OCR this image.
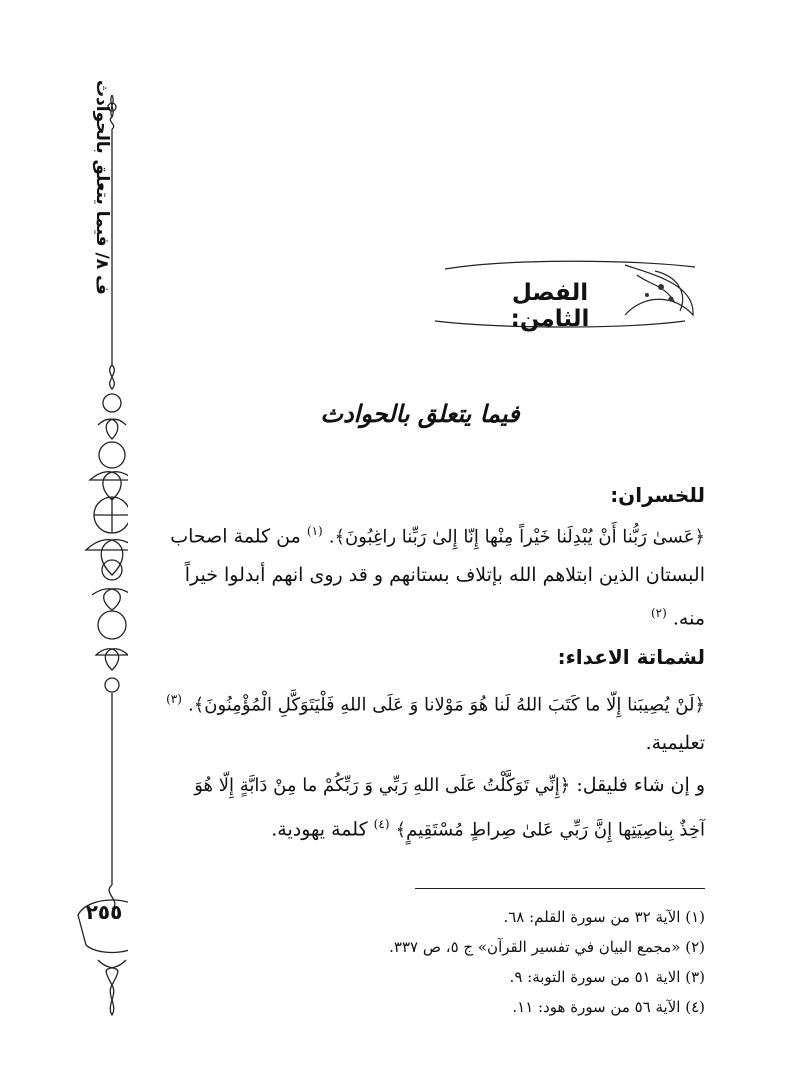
ف ٨/ فيما يتعلق بالحوادث
٢٥٥
الفصل الثامن:
فيما يتعلق بالحوادث
للخسران:
﴿عَسىٰ رَبُّنا أَنْ يُبْدِلَنا خَيْراً مِنْها إِنّا إِلىٰ رَبِّنا راغِبُونَ﴾. $^{(١)}$ من كلمة اصحاب البستان الذين ابتلاهم الله بإتلاف بستانهم و قد روى انهم أبدلوا خيراً منه. $^{(٢)}$
لشماتة الاعداء:
﴿لَنْ يُصِيبَنا إِلّا ما كَتَبَ اللهُ لَنا هُوَ مَوْلانا وَ عَلَى اللهِ فَلْيَتَوَكَّلِ الْمُؤْمِنُونَ﴾. $^{(٣)}$ تعليمية.
و إن شاء فليقل: ﴿إِنِّي تَوَكَّلْتُ عَلَى اللهِ رَبِّي وَ رَبِّكُمْ ما مِنْ دَابَّةٍ إِلّا هُوَ آخِذٌ بِناصِيَتِها إِنَّ رَبِّي عَلىٰ صِراطٍ مُسْتَقِيمٍ﴾ $^{(٤)}$ كلمة يهودية.
(١) الآية ٣٢ من سورة القلم: ٦٨.
(٢) «مجمع البيان في تفسير القرآن» ج ٥، ص ٣٣٧.
(٣) الاية ٥١ من سورة التوبة: ٩.
(٤) الآية ٥٦ من سورة هود: ١١.
